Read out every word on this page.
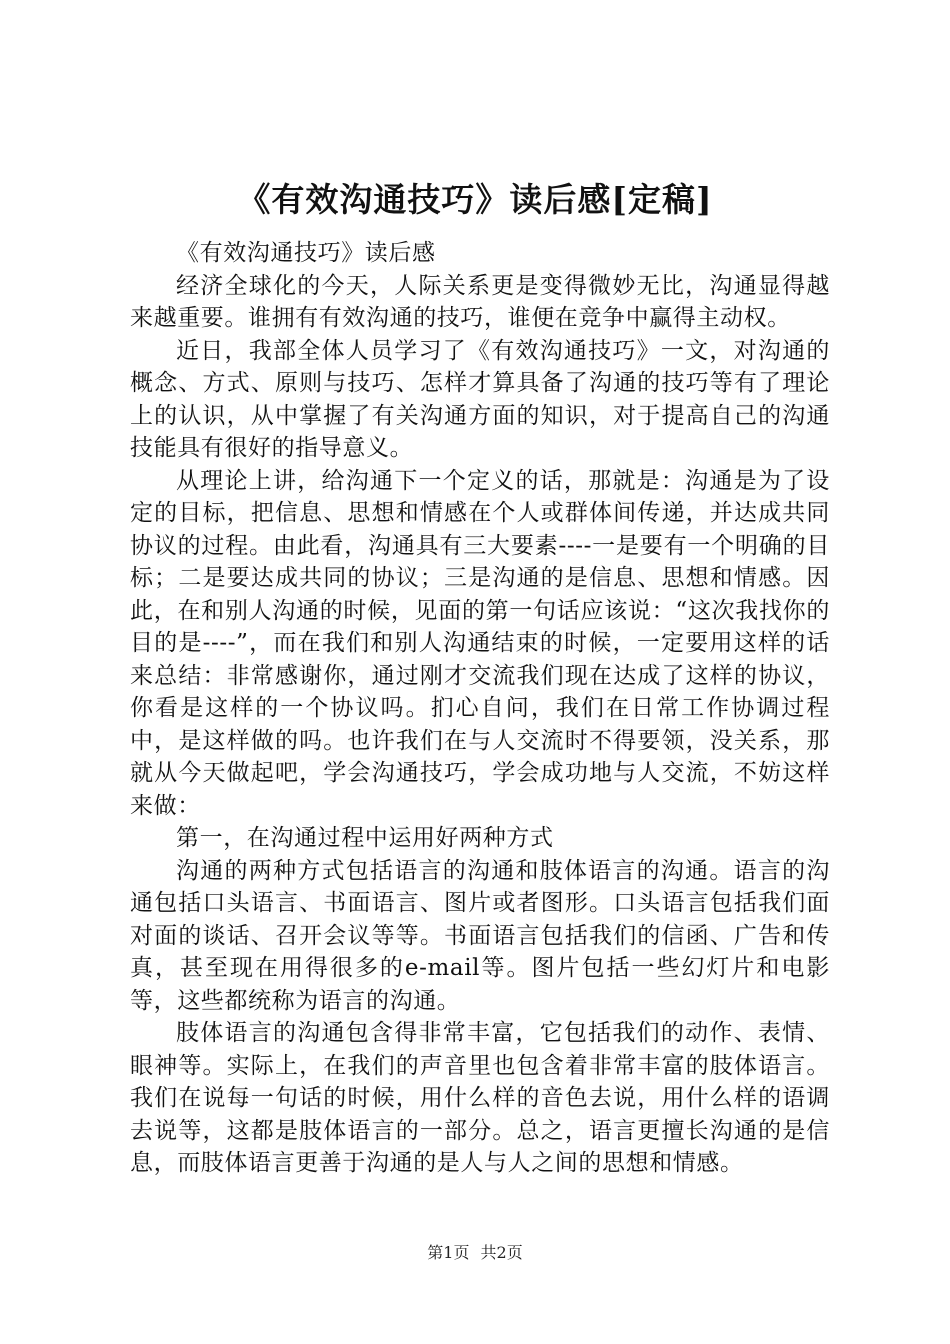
《有效沟通技巧》读后感[定稿]

《有效沟通技巧》读后感

经济全球化的今天，人际关系更是变得微妙无比，沟通显得越来越重要。谁拥有有效沟通的技巧，谁便在竞争中赢得主动权。

近日，我部全体人员学习了《有效沟通技巧》一文，对沟通的概念、方式、原则与技巧、怎样才算具备了沟通的技巧等有了理论上的认识，从中掌握了有关沟通方面的知识，对于提高自己的沟通技能具有很好的指导意义。

从理论上讲，给沟通下一个定义的话，那就是：沟通是为了设定的目标，把信息、思想和情感在个人或群体间传递，并达成共同协议的过程。由此看，沟通具有三大要素----一是要有一个明确的目标；二是要达成共同的协议；三是沟通的是信息、思想和情感。因此，在和别人沟通的时候，见面的第一句话应该说：“这次我找你的目的是----”，而在我们和别人沟通结束的时候，一定要用这样的话来总结：非常感谢你，通过刚才交流我们现在达成了这样的协议，你看是这样的一个协议吗。扪心自问，我们在日常工作协调过程中，是这样做的吗。也许我们在与人交流时不得要领，没关系，那就从今天做起吧，学会沟通技巧，学会成功地与人交流，不妨这样来做：

第一，在沟通过程中运用好两种方式

沟通的两种方式包括语言的沟通和肢体语言的沟通。语言的沟通包括口头语言、书面语言、图片或者图形。口头语言包括我们面对面的谈话、召开会议等等。书面语言包括我们的信函、广告和传真，甚至现在用得很多的e-mail等。图片包括一些幻灯片和电影等，这些都统称为语言的沟通。

肢体语言的沟通包含得非常丰富，它包括我们的动作、表情、眼神等。实际上，在我们的声音里也包含着非常丰富的肢体语言。我们在说每一句话的时候，用什么样的音色去说，用什么样的语调去说等，这都是肢体语言的一部分。总之，语言更擅长沟通的是信息，而肢体语言更善于沟通的是人与人之间的思想和情感。

第1页 共2页
